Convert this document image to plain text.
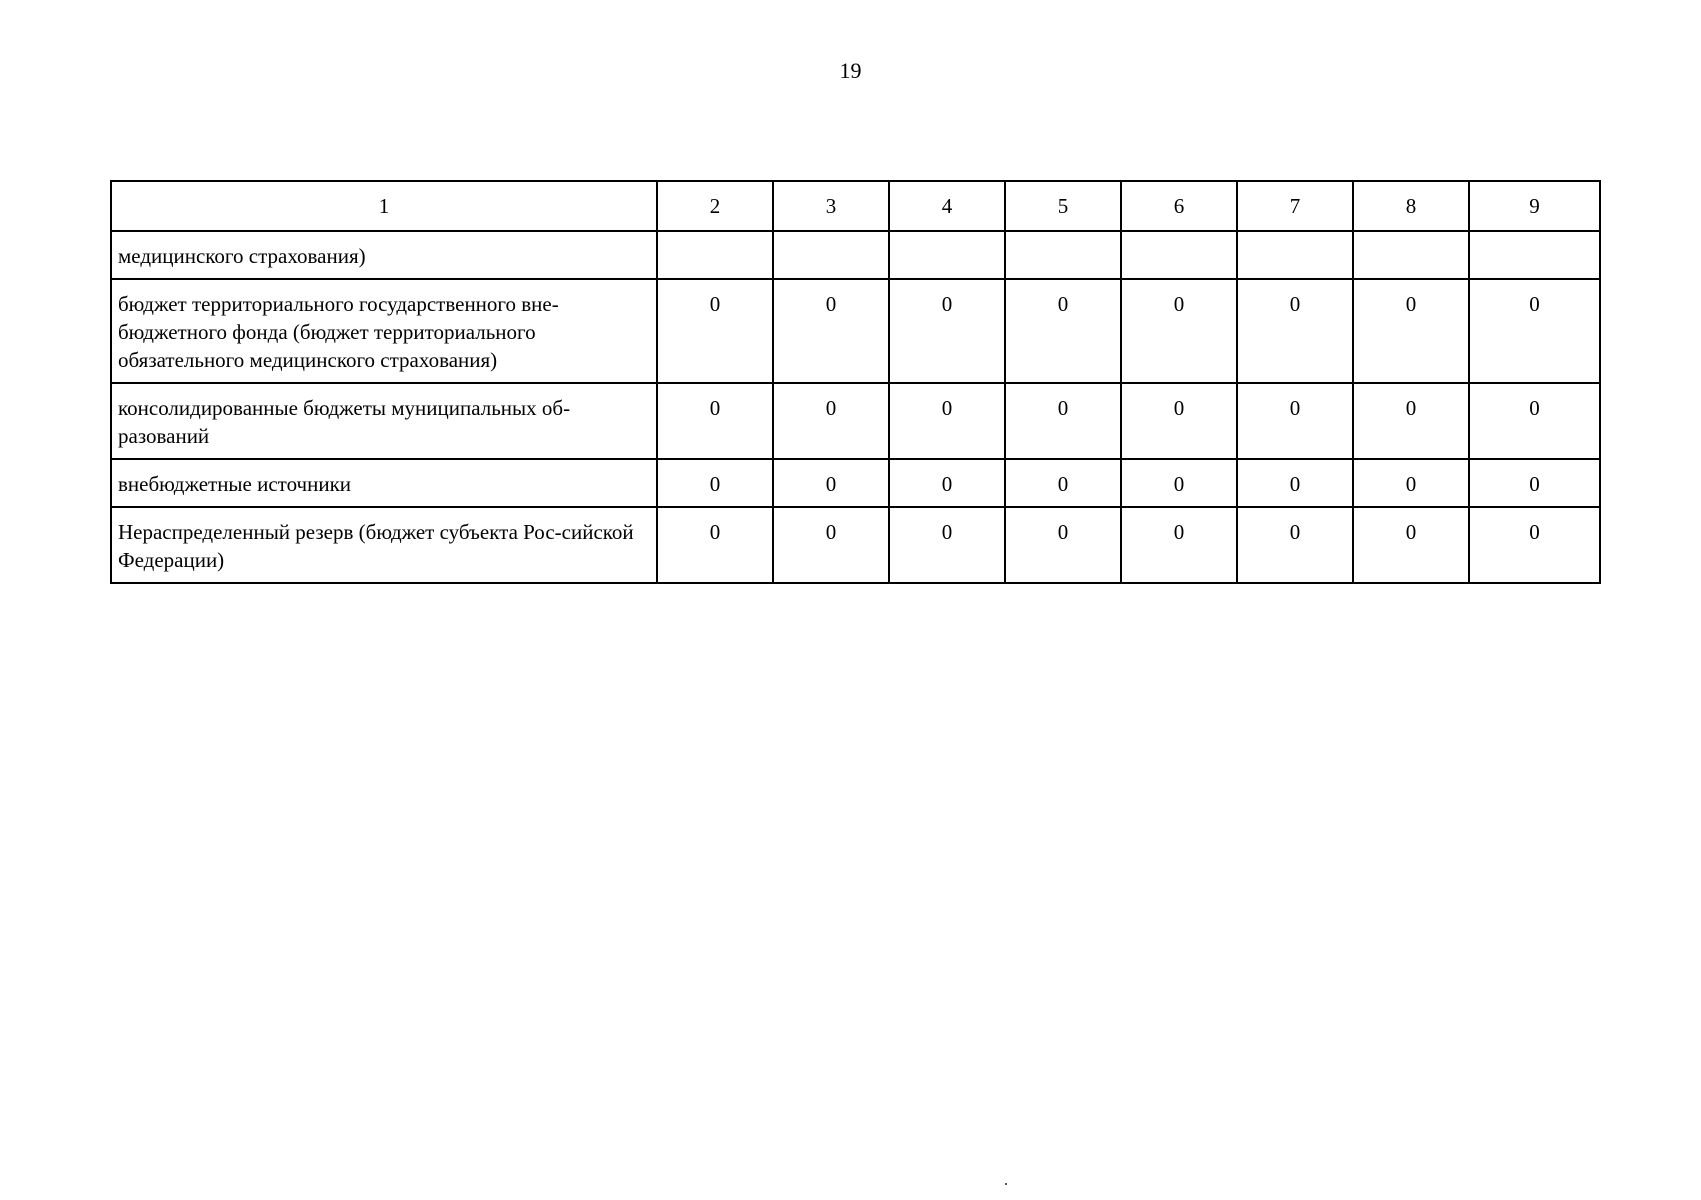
19
1	2	3	4	5	6	7	8	9
медицинского страхования)								
бюджет территориального государственного вне-бюджетного фонда (бюджет территориального обязательного медицинского страхования)	0	0	0	0	0	0	0	0
консолидированные бюджеты муниципальных об-разований	0	0	0	0	0	0	0	0
внебюджетные источники	0	0	0	0	0	0	0	0
Нераспределенный резерв (бюджет субъекта Рос-сийской Федерации)	0	0	0	0	0	0	0	0
